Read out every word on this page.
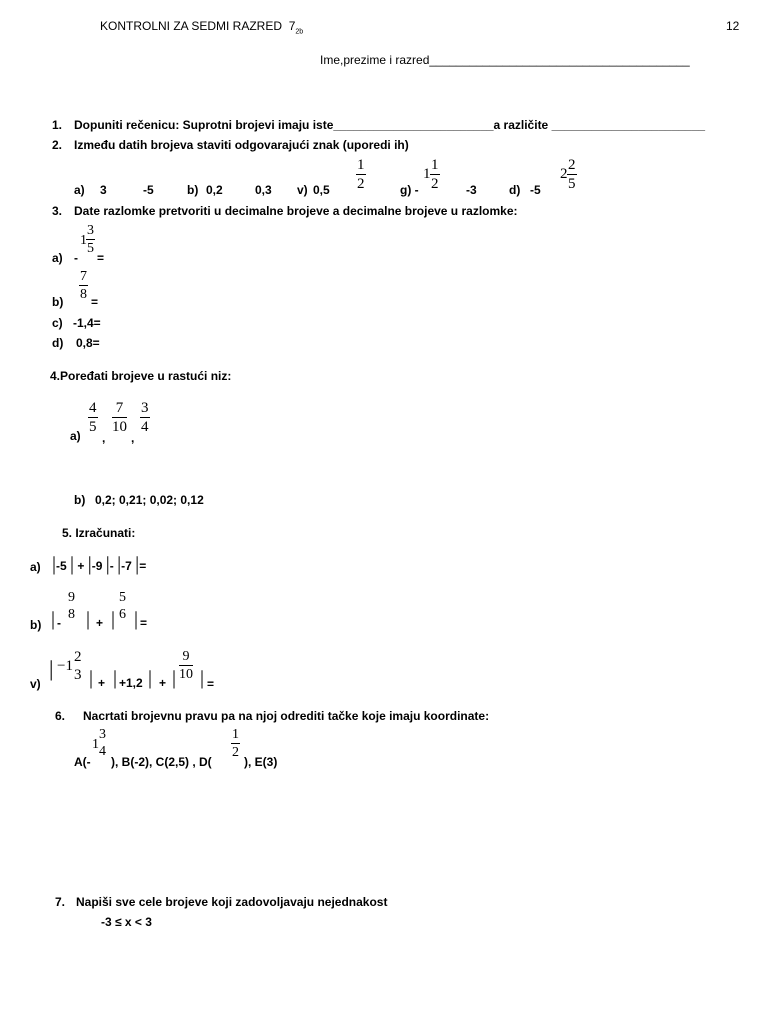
KONTROLNI ZA SEDMI RAZRED $7_{2b}$	12
Ime,prezime i razred_______________________________________
1. Dopuniti rečenicu: Suprotni brojevi imaju iste________________________a različite _______________________
2. Između datih brojeva staviti odgovarajući znak (uporedi ih)
a) 3	-5	b) 0,2	0,3 v) $0,5 \frac{1}{2}$	g) -
$1 \frac{1}{2} -3$	d) -5
$2 \frac{2}{5}$
3. Date razlomke pretvoriti u decimalne brojeve a decimalne brojeve u razlomke:
a) -
$1 \frac{3}{5}$
=
$b) \frac{7}{8}$ =
c) -1,4=
d) 0,8=
4.Poređati brojeve u rastući niz:
a)
$\frac{4}{5}$
,
$\frac{7}{10}$
,
$\frac{3}{4}$
b) 0,2; 0,21; 0,02; 0,12
5. Izračunati:
a) |-5 | + |-9 |- |-7 |=
b) | -
9
8 | + |
5
6 | =
v)
| −1
2
3 | + | +1,2 | + | $\frac{9}{10}$ | =
6. Nacrtati brojevnu pravu pa na njoj odrediti tačke koje imaju koordinate:
A(-
1
3
4
), B(-2), C(2,5) , D(
$\frac{1}{2}$
), E(3)
7. Napiši sve cele brojeve koji zadovoljavaju nejednakost
-3 ≤ x < 3
